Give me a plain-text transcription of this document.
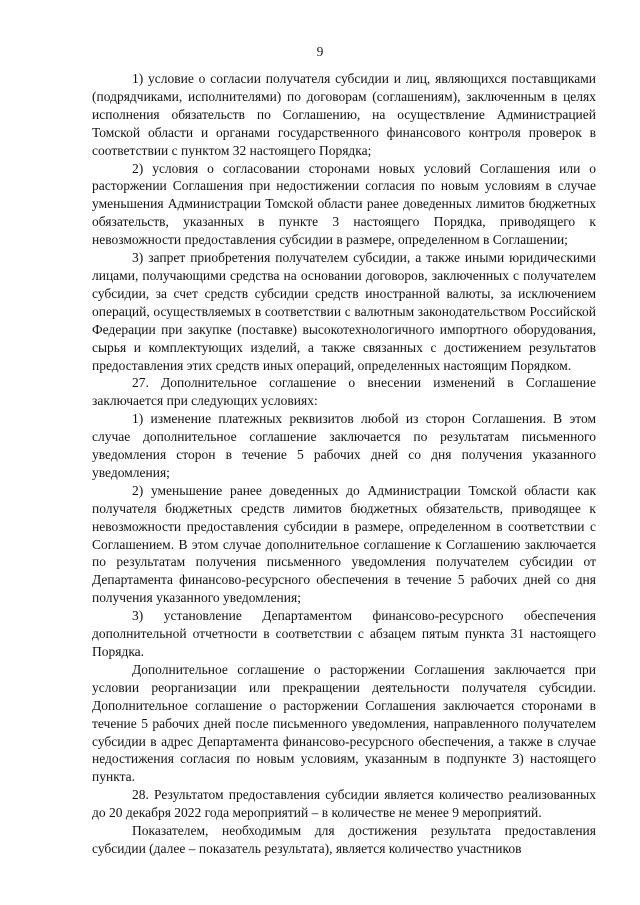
9

1) условие о согласии получателя субсидии и лиц, являющихся поставщиками (подрядчиками, исполнителями) по договорам (соглашениям), заключенным в целях исполнения обязательств по Соглашению, на осуществление Администрацией Томской области и органами государственного финансового контроля проверок в соответствии с пунктом 32 настоящего Порядка;

2) условия о согласовании сторонами новых условий Соглашения или о расторжении Соглашения при недостижении согласия по новым условиям в случае уменьшения Администрации Томской области ранее доведенных лимитов бюджетных обязательств, указанных в пункте 3 настоящего Порядка, приводящего к невозможности предоставления субсидии в размере, определенном в Соглашении;

3) запрет приобретения получателем субсидии, а также иными юридическими лицами, получающими средства на основании договоров, заключенных с получателем субсидии, за счет средств субсидии средств иностранной валюты, за исключением операций, осуществляемых в соответствии с валютным законодательством Российской Федерации при закупке (поставке) высокотехнологичного импортного оборудования, сырья и комплектующих изделий, а также связанных с достижением результатов предоставления этих средств иных операций, определенных настоящим Порядком.

27. Дополнительное соглашение о внесении изменений в Соглашение заключается при следующих условиях:

1) изменение платежных реквизитов любой из сторон Соглашения. В этом случае дополнительное соглашение заключается по результатам письменного уведомления сторон в течение 5 рабочих дней со дня получения указанного уведомления;

2) уменьшение ранее доведенных до Администрации Томской области как получателя бюджетных средств лимитов бюджетных обязательств, приводящее к невозможности предоставления субсидии в размере, определенном в соответствии с Соглашением. В этом случае дополнительное соглашение к Соглашению заключается по результатам получения письменного уведомления получателем субсидии от Департамента финансово-ресурсного обеспечения в течение 5 рабочих дней со дня получения указанного уведомления;

3) установление Департаментом финансово-ресурсного обеспечения дополнительной отчетности в соответствии с абзацем пятым пункта 31 настоящего Порядка.

Дополнительное соглашение о расторжении Соглашения заключается при условии реорганизации или прекращении деятельности получателя субсидии. Дополнительное соглашение о расторжении Соглашения заключается сторонами в течение 5 рабочих дней после письменного уведомления, направленного получателем субсидии в адрес Департамента финансово-ресурсного обеспечения, а также в случае недостижения согласия по новым условиям, указанным в подпункте 3) настоящего пункта.

28. Результатом предоставления субсидии является количество реализованных до 20 декабря 2022 года мероприятий – в количестве не менее 9 мероприятий.

Показателем, необходимым для достижения результата предоставления субсидии (далее – показатель результата), является количество участников
